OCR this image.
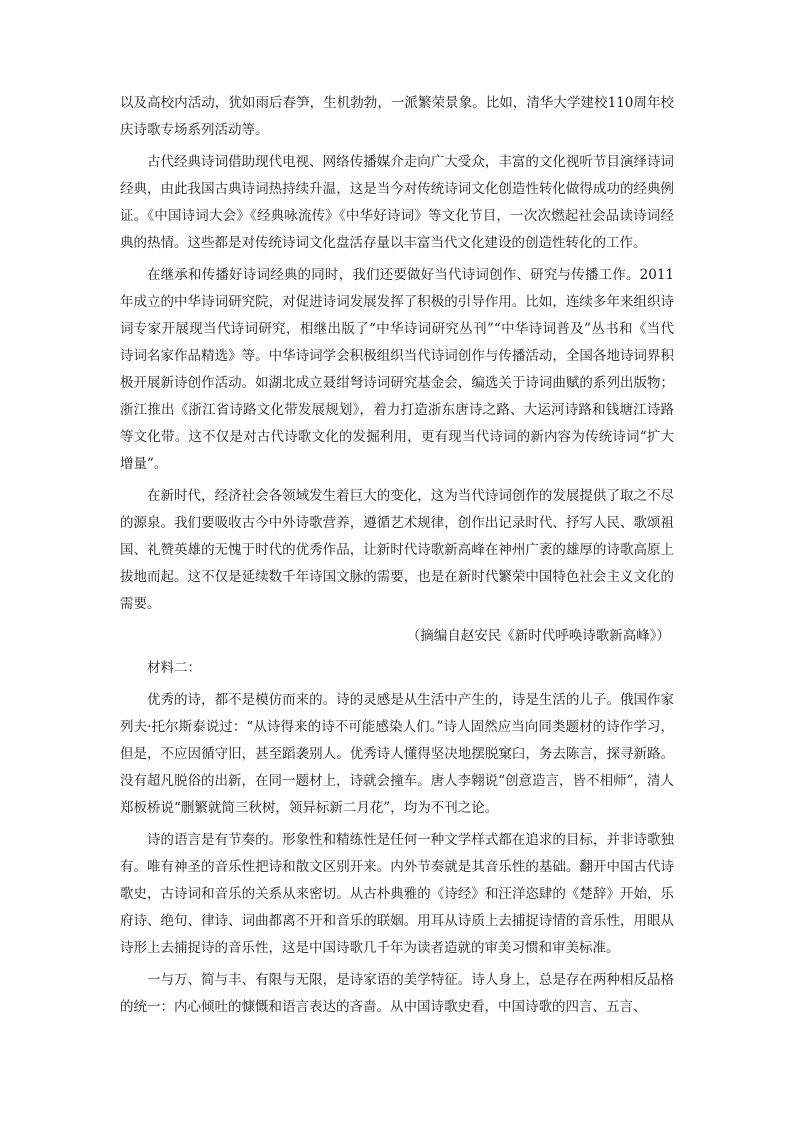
以及高校内活动，犹如雨后春笋，生机勃勃，一派繁荣景象。比如，清华大学建校110周年校庆诗歌专场系列活动等。

古代经典诗词借助现代电视、网络传播媒介走向广大受众，丰富的文化视听节目演绎诗词经典，由此我国古典诗词热持续升温，这是当今对传统诗词文化创造性转化做得成功的经典例证。《中国诗词大会》《经典咏流传》《中华好诗词》等文化节目，一次次燃起社会品读诗词经典的热情。这些都是对传统诗词文化盘活存量以丰富当代文化建设的创造性转化的工作。

在继承和传播好诗词经典的同时，我们还要做好当代诗词创作、研究与传播工作。2011年成立的中华诗词研究院，对促进诗词发展发挥了积极的引导作用。比如，连续多年来组织诗词专家开展现当代诗词研究，相继出版了“中华诗词研究丛刊”“中华诗词普及”丛书和《当代诗词名家作品精选》等。中华诗词学会积极组织当代诗词创作与传播活动，全国各地诗词界积极开展新诗创作活动。如湖北成立聂绀弩诗词研究基金会，编选关于诗词曲赋的系列出版物；浙江推出《浙江省诗路文化带发展规划》，着力打造浙东唐诗之路、大运河诗路和钱塘江诗路等文化带。这不仅是对古代诗歌文化的发掘利用，更有现当代诗词的新内容为传统诗词“扩大增量”。

在新时代，经济社会各领域发生着巨大的变化，这为当代诗词创作的发展提供了取之不尽的源泉。我们要吸收古今中外诗歌营养，遵循艺术规律，创作出记录时代、抒写人民、歌颂祖国、礼赞英雄的无愧于时代的优秀作品，让新时代诗歌新高峰在神州广袤的雄厚的诗歌高原上拔地而起。这不仅是延续数千年诗国文脉的需要，也是在新时代繁荣中国特色社会主义文化的需要。

（摘编自赵安民《新时代呼唤诗歌新高峰》）

材料二：

优秀的诗，都不是模仿而来的。诗的灵感是从生活中产生的，诗是生活的儿子。俄国作家列夫·托尔斯泰说过：“从诗得来的诗不可能感染人们。”诗人固然应当向同类题材的诗作学习，但是，不应因循守旧，甚至蹈袭别人。优秀诗人懂得坚决地摆脱窠臼，务去陈言，探寻新路。没有超凡脱俗的出新，在同一题材上，诗就会撞车。唐人李翱说“创意造言，皆不相师”，清人郑板桥说“删繁就简三秋树，领异标新二月花”，均为不刊之论。

诗的语言是有节奏的。形象性和精练性是任何一种文学样式都在追求的目标，并非诗歌独有。唯有神圣的音乐性把诗和散文区别开来。内外节奏就是其音乐性的基础。翻开中国古代诗歌史，古诗词和音乐的关系从来密切。从古朴典雅的《诗经》和汪洋恣肆的《楚辞》开始，乐府诗、绝句、律诗、词曲都离不开和音乐的联姻。用耳从诗质上去捕捉诗情的音乐性，用眼从诗形上去捕捉诗的音乐性，这是中国诗歌几千年为读者造就的审美习惯和审美标准。

一与万、简与丰、有限与无限，是诗家语的美学特征。诗人身上，总是存在两种相反品格的统一：内心倾吐的慷慨和语言表达的吝啬。从中国诗歌史看，中国诗歌的四言、五言、
